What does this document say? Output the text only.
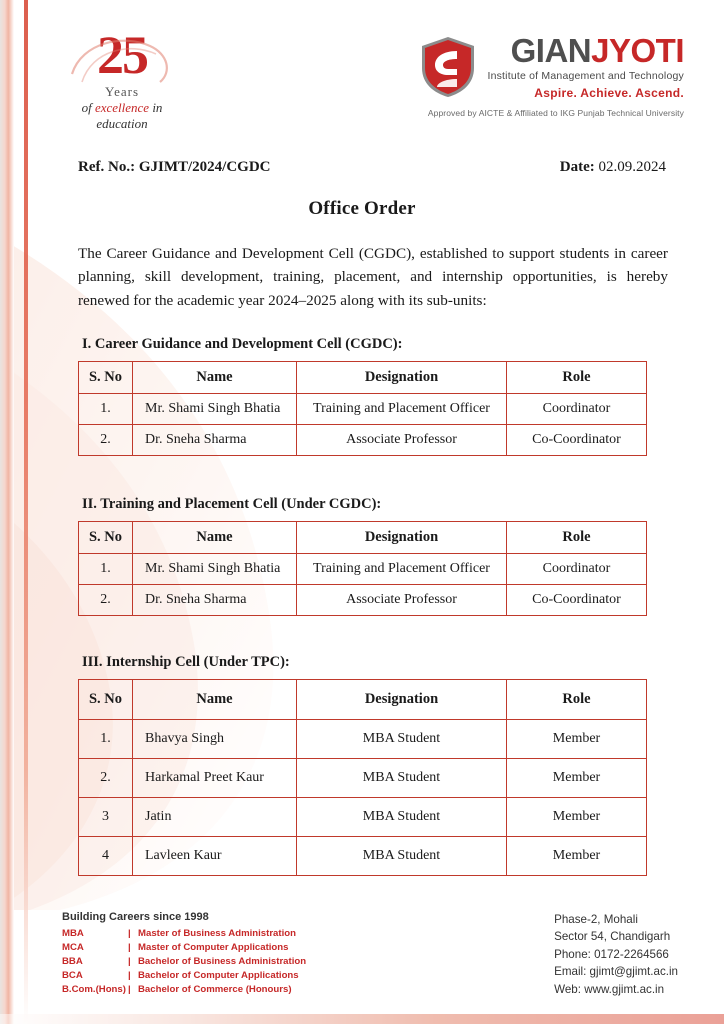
25
Years
of excellence in
education
GIANJYOTI
Institute of Management and Technology
Aspire. Achieve. Ascend.
Approved by AICTE & Affiliated to IKG Punjab Technical University
Ref. No.: GJIMT/2024/CGDC	Date: 02.09.2024
Office Order
The Career Guidance and Development Cell (CGDC), established to support students in career planning, skill development, training, placement, and internship opportunities, is hereby renewed for the academic year 2024–2025 along with its sub-units:
I. Career Guidance and Development Cell (CGDC):
S. No	Name	Designation	Role
1.	Mr. Shami Singh Bhatia	Training and Placement Officer	Coordinator
2.	Dr. Sneha Sharma	Associate Professor	Co-Coordinator
II. Training and Placement Cell (Under CGDC):
S. No	Name	Designation	Role
1.	Mr. Shami Singh Bhatia	Training and Placement Officer	Coordinator
2.	Dr. Sneha Sharma	Associate Professor	Co-Coordinator
III. Internship Cell (Under TPC):
S. No	Name	Designation	Role
1.	Bhavya Singh	MBA Student	Member
2.	Harkamal Preet Kaur	MBA Student	Member
3	Jatin	MBA Student	Member
4	Lavleen Kaur	MBA Student	Member
Building Careers since 1998
MBA	| Master of Business Administration
MCA	| Master of Computer Applications
BBA	| Bachelor of Business Administration
BCA	| Bachelor of Computer Applications
B.Com.(Hons) | Bachelor of Commerce (Honours)
Phase-2, Mohali
Sector 54, Chandigarh
Phone: 0172-2264566
Email: gjimt@gjimt.ac.in
Web: www.gjimt.ac.in
